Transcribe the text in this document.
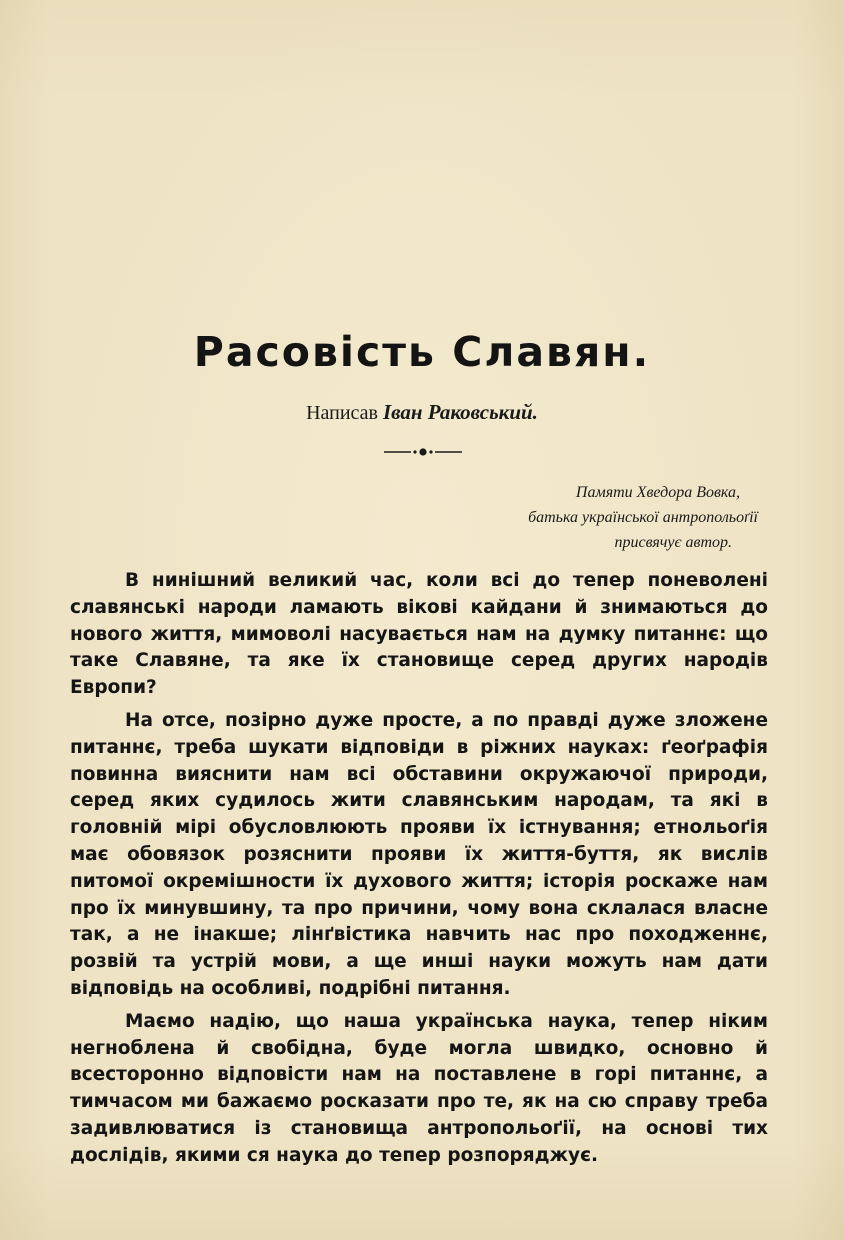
Расовість Славян.
Написав Іван Раковський.
Памяти Хведора Вовка,
батька української антропольоґії
присвячує автор.

В нинішний великий час, коли всі до тепер поневолені славянські народи ламають вікові кайдани й знимаються до нового життя, мимоволі насувається нам на думку питаннє: що таке Славяне, та яке їх становище серед других народів Европи?

На отсе, позірно дуже просте, а по правді дуже зложене питаннє, треба шукати відповіди в ріжних науках: ґеоґрафія повинна вияснити нам всі обставини окружаючої природи, серед яких судилось жити славянським народам, та які в головній мірі обусловлюють прояви їх істнування; етнольоґія має обовязок розяснити прояви їх життя-буття, як вислів питомої окремішности їх духового життя; історія роскаже нам про їх минувшину, та про причини, чому вона склалася власне так, а не інакше; лінґвістика навчить нас про походженнє, розвій та устрій мови, а ще инші науки можуть нам дати відповідь на особливі, подрібні питання.

Маємо надію, що наша українська наука, тепер ніким негноблена й свобідна, буде могла швидко, основно й всесторонно відповісти нам на поставлене в горі питаннє, а тимчасом ми бажаємо росказати про те, як на сю справу треба задивлюватися із становища антропольоґії, на основі тих дослідів, якими ся наука до тепер розпоряджує.
